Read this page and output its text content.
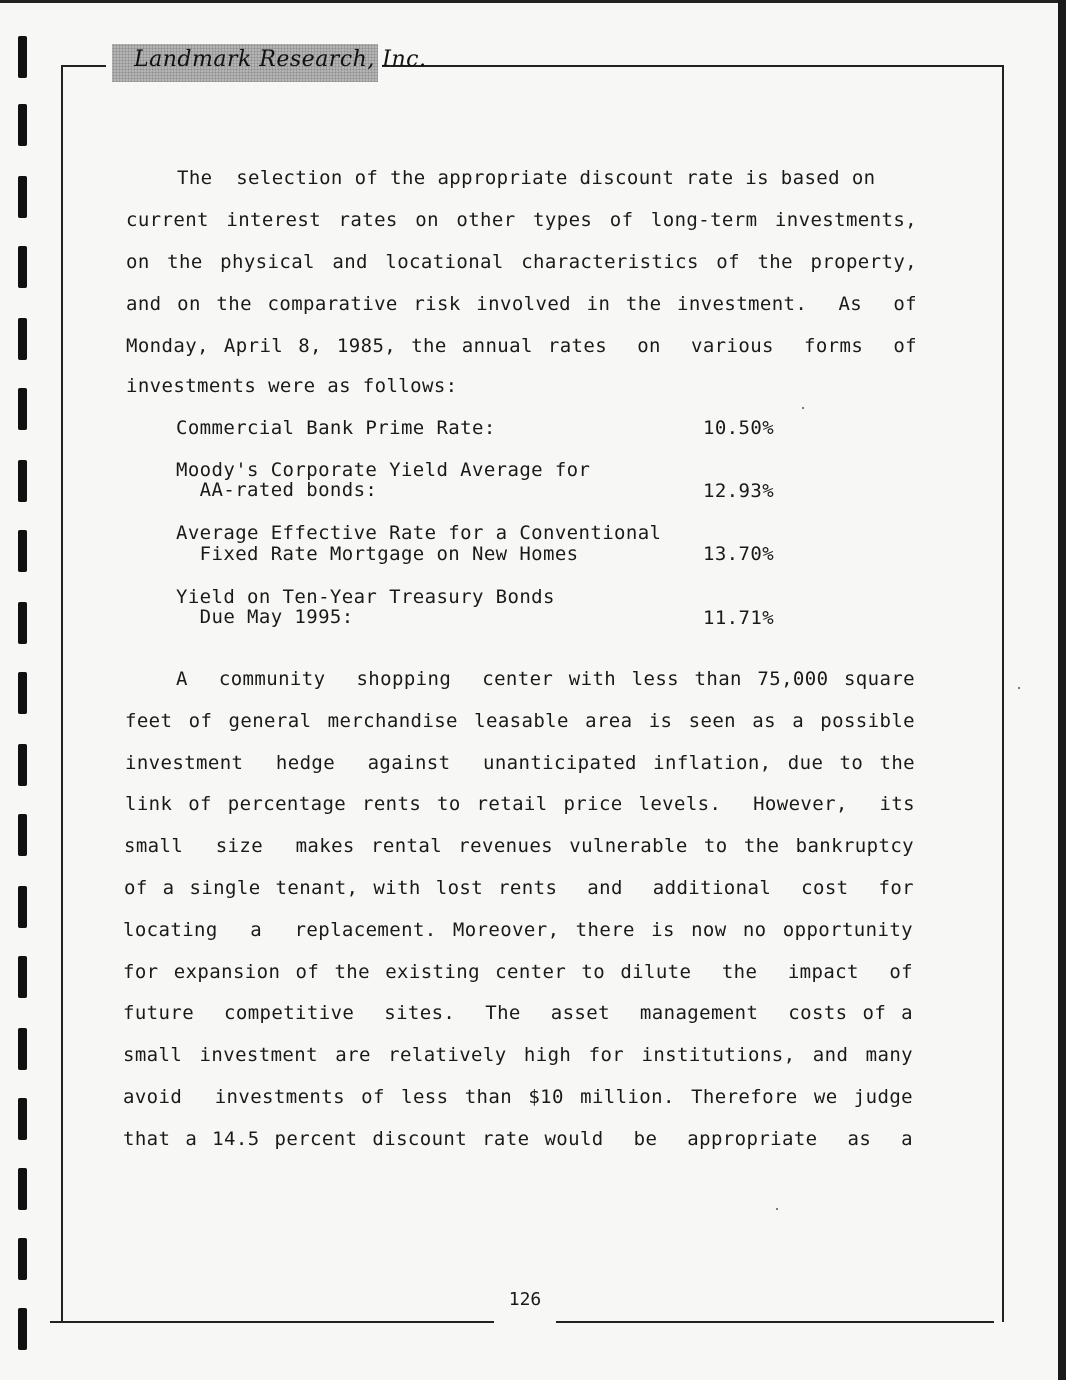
Landmark Research, Inc.
The  selection of the appropriate discount rate is based on
current interest rates on other types of long-term investments,
on the physical and locational characteristics of the property,
and on the comparative risk involved in the investment.  As  of
Monday, April 8, 1985, the annual rates  on  various  forms  of
investments were as follows:
Commercial Bank Prime Rate:	10.50%
Moody's Corporate Yield Average for
AA-rated bonds:	12.93%
Average Effective Rate for a Conventional
Fixed Rate Mortgage on New Homes	13.70%
Yield on Ten-Year Treasury Bonds
Due May 1995:	11.71%
A  community  shopping  center with less than 75,000 square
feet of general merchandise leasable area is seen as a possible
investment  hedge  against  unanticipated inflation, due to the
link of percentage rents to retail price levels.  However,  its
small  size  makes rental revenues vulnerable to the bankruptcy
of a single tenant, with lost rents  and  additional  cost  for
locating  a  replacement. Moreover, there is now no opportunity
for expansion of the existing center to dilute  the  impact  of
future  competitive  sites.  The  asset  management  costs of a
small investment are relatively high for institutions, and many
avoid  investments of less than $10 million. Therefore we judge
that a 14.5 percent discount rate would  be  appropriate  as  a
126
